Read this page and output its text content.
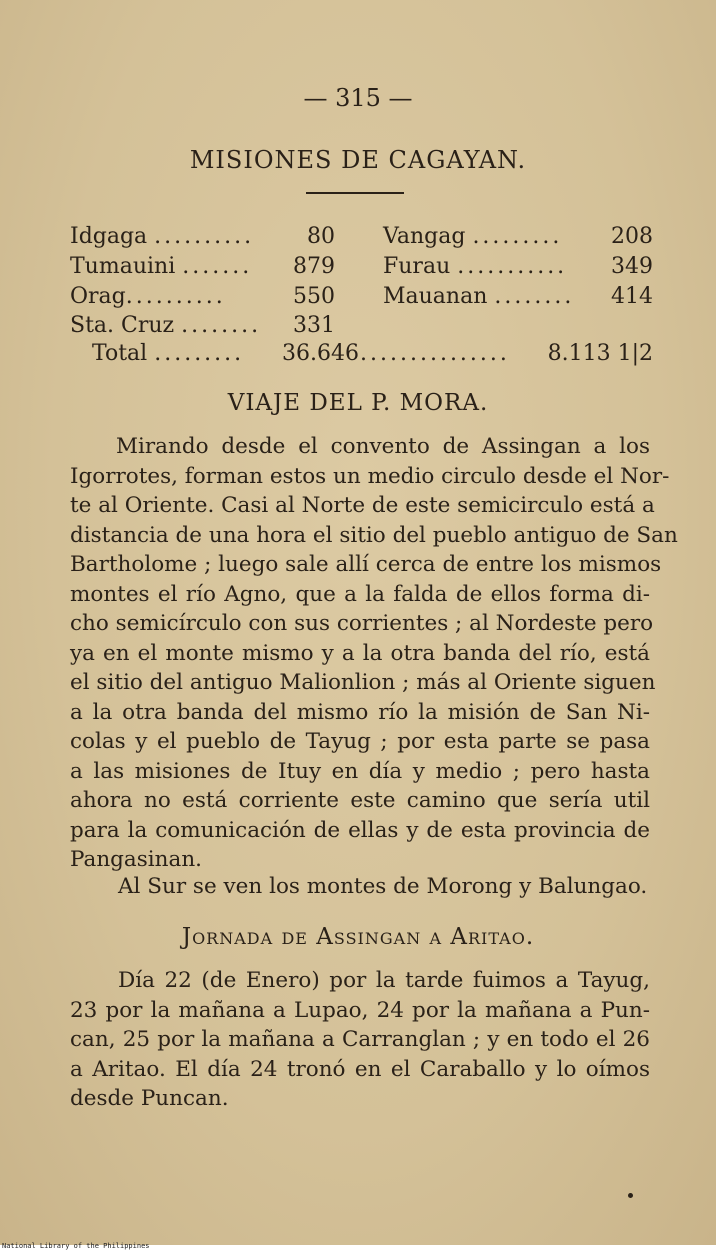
— 315 —
MISIONES DE CAGAYAN.
Idgaga .......... 80
Tumauini ....... 879
Orag..........	550
Sta. Cruz ........ 331
Vangag ......... 208
Furau ........... 349
Mauanan ........ 414
Total ......... 36.646 ............... 8.113 1|2
VIAJE DEL P. MORA.
Mirando desde el convento de Assingan a los
Igorrotes, forman estos un medio circulo desde el Nor-
te al Oriente. Casi al Norte de este semicirculo está a
distancia de una hora el sitio del pueblo antiguo de San
Bartholome ; luego sale allí cerca de entre los mismos
montes el río Agno, que a la falda de ellos forma di-
cho semicírculo con sus corrientes ; al Nordeste pero
ya en el monte mismo y a la otra banda del río, está
el sitio del antiguo Malionlion ; más al Oriente siguen
a la otra banda del mismo río la misión de San Ni-
colas y el pueblo de Tayug ; por esta parte se pasa
a las misiones de Ituy en día y medio ; pero hasta
ahora no está corriente este camino que sería util
para la comunicación de ellas y de esta provincia de
Pangasinan.
Al Sur se ven los montes de Morong y Balungao.
Jornada de Assingan a Aritao.
Día 22 (de Enero) por la tarde fuimos a Tayug,
23 por la mañana a Lupao, 24 por la mañana a Pun-
can, 25 por la mañana a Carranglan ; y en todo el 26
a Aritao. El día 24 tronó en el Caraballo y lo oímos
desde Puncan.
National Library of the Philippines
